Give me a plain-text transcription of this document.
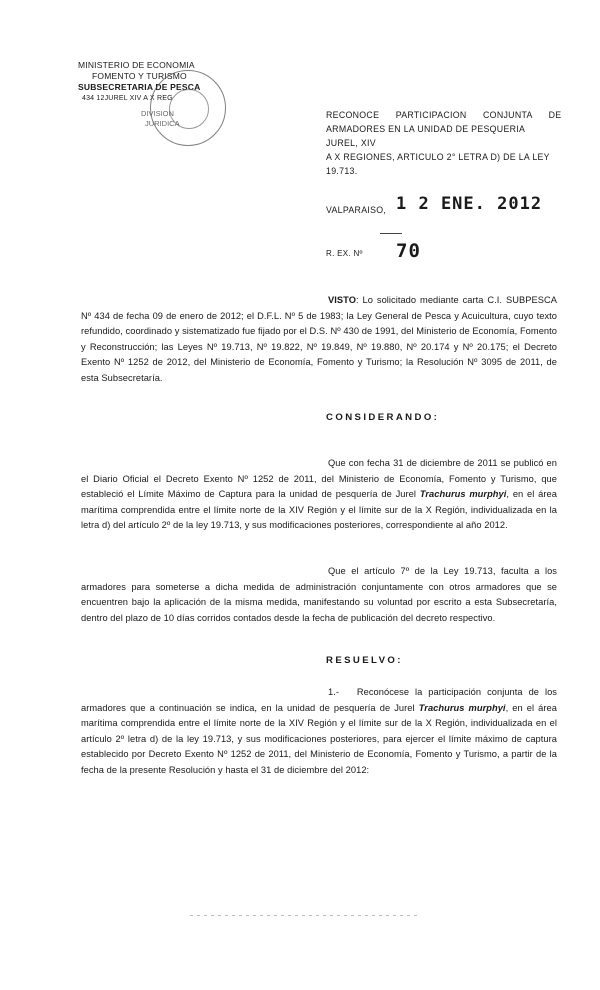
MINISTERIO DE ECONOMIA
FOMENTO Y TURISMO
SUBSECRETARIA DE PESCA
434 12JUREL XIV A X REG
DIVISION
JURIDICA
RECONOCE      PARTICIPACION      CONJUNTA      DE
ARMADORES EN LA UNIDAD DE PESQUERIA JUREL, XIV
A X REGIONES, ARTICULO 2° LETRA D) DE LA LEY
19.713.
VALPARAISO, 1 2 ENE. 2012
R. EX. Nº 70
VISTO: Lo solicitado mediante carta C.I. SUBPESCA Nº 434 de fecha 09 de enero de 2012; el D.F.L. Nº 5 de 1983; la Ley General de Pesca y Acuicultura, cuyo texto refundido, coordinado y sistematizado fue fijado por el D.S. Nº 430 de 1991, del Ministerio de Economía, Fomento y Reconstrucción; las Leyes Nº 19.713, Nº 19.822, Nº 19.849, Nº 19.880, Nº 20.174 y Nº 20.175; el Decreto Exento Nº 1252 de 2012, del Ministerio de Economía, Fomento y Turismo; la Resolución Nº 3095 de 2011, de esta Subsecretaría.
CONSIDERANDO:
Que con fecha 31 de diciembre de 2011 se publicó en el Diario Oficial el Decreto Exento Nº 1252 de 2011, del Ministerio de Economía, Fomento y Turismo, que estableció el Límite Máximo de Captura para la unidad de pesquería de Jurel Trachurus murphyi, en el área marítima comprendida entre el límite norte de la XIV Región y el límite sur de la X Región, individualizada en la letra d) del artículo 2º de la ley 19.713, y sus modificaciones posteriores, correspondiente al año 2012.
Que el artículo 7º de la Ley 19.713, faculta a los armadores para someterse a dicha medida de administración conjuntamente con otros armadores que se encuentren bajo la aplicación de la misma medida, manifestando su voluntad por escrito a esta Subsecretaría, dentro del plazo de 10 días corridos contados desde la fecha de publicación del decreto respectivo.
RESUELVO:
1.- Reconócese la participación conjunta de los armadores que a continuación se indica, en la unidad de pesquería de Jurel Trachurus murphyi, en el área marítima comprendida entre el límite norte de la XIV Región y el límite sur de la X Región, individualizada en el artículo 2º letra d) de la ley 19.713, y sus modificaciones posteriores, para ejercer el límite máximo de captura establecido por Decreto Exento Nº 1252 de 2011, del Ministerio de Economía, Fomento y Turismo, a partir de la fecha de la presente Resolución y hasta el 31 de diciembre del 2012:
